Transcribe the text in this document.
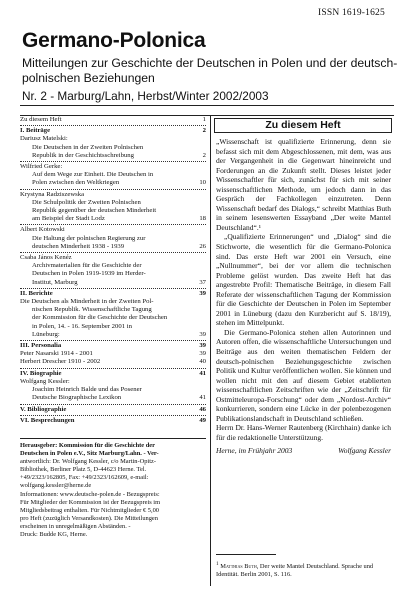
ISSN 1619-1625
Germano-Polonica
Mitteilungen zur Geschichte der Deutschen in Polen und der deutsch-polnischen Beziehungen
Nr. 2 - Marburg/Lahn, Herbst/Winter 2002/2003
Zu diesem Heft	1
I. Beiträge	2
Dariusz Matelski:
Die Deutschen in der Zweiten Polnischen
Republik in der Geschichtsschreibung	2
Wilfried Gerke:
Auf dem Wege zur Einheit. Die Deutschen in
Polen zwischen den Weltkriegen	10
Krystyna Radziszewska
Die Schulpolitik der Zweiten Polnischen
Republik gegenüber der deutschen Minderheit
am Beispiel der Stadt Lodz	18
Albert Kotowski
Die Haltung der polnischen Regierung zur
deutschen Minderheit 1938 - 1939	26
Csaba János Kenéz
Archivmaterialien für die Geschichte der
Deutschen in Polen 1919-1939 im Herder-
Institut, Marburg	37
II. Berichte	39
Die Deutschen als Minderheit in der Zweiten Pol-
nischen Republik. Wissenschaftliche Tagung
der Kommission für die Geschichte der Deutschen
in Polen, 14. - 16. September 2001 in
Lüneburg:	39
III. Personalia	39
Peter Nasarski 1914 - 2001	39
Herbert Drescher 1910 - 2002	40
IV. Biographie	41
Wolfgang Kessler:
Joachim Heinrich Balde und das Posener
Deutsche Biographische Lexikon	41
V. Bibliographie	46
VI. Besprechungen	49
Herausgeber: Kommission für die Geschichte der
Deutschen in Polen e.V., Sitz Marburg/Lahn. - Ver-
antwortlich: Dr. Wolfgang Kessler, c/o Martin-Opitz-
Bibliothek, Berliner Platz 5, D-44623 Herne. Tel.
+49/2323/162805, Fax: +49/2323/162609, e-mail:
wolfgang.kessler@herne.de
Informationen: www.deutsche-polen.de - Bezugspreis:
Für Mitglieder der Kommission ist der Bezugspreis im
Mitgliedsbeitrag enthalten. Für Nichtmitglieder € 5,00
pro Heft (zuzüglich Versandkosten). Die Mitteilungen
erscheinen in unregelmäßigen Abständen. -
Druck: Budde KG, Herne.
Zu diesem Heft

„Wissenschaft ist qualifizierte Erinnerung, denn sie befasst sich mit dem Abgeschlossenen, mit dem, was aus der Vergangenheit in die Gegenwart hineinreicht und Forderungen an die Zukunft stellt. Dieses leistet jeder Wissenschaftler für sich, zunächst für sich mit seiner wissenschaftlichen Methode, um jedoch dann in das Gespräch der Fachkollegen einzutreten. Denn Wissenschaft bedarf des Dialogs,“ schreibt Matthias Buth in seinem lesenswerten Essayband „Der weite Mantel Deutschland“.¹

„Qualifizierte Erinnerungen“ und „Dialog“ sind die Stichworte, die wesentlich für die Germano-Polonica sind. Das erste Heft war 2001 ein Versuch, eine „Nullnummer“, bei der vor allem die technischen Probleme gelöst wurden. Das zweite Heft hat das angestrebte Profil: Thematische Beiträge, in diesem Fall Referate der wissenschaftlichen Tagung der Kommission für die Geschichte der Deutschen in Polen im September 2001 in Lüneburg (dazu den Kurzbericht auf S. 18/19), stehen im Mittelpunkt.

Die Germano-Polonica stehen allen Autorinnen und Autoren offen, die wissenschaftliche Untersuchungen und Beiträge aus den weiten thematischen Feldern der deutsch-polnischen Beziehungsgeschichte zwischen Politik und Kultur veröffentlichen wollen. Sie können und wollen nicht mit den auf diesem Gebiet etablierten wissenschaftlichen Zeitschriften wie der „Zeitschrift für Ostmitteleuropa-Forschung“ oder dem „Nordost-Archiv“ konkurrieren, sondern eine Lücke in der polenbezogenen Publikationslandschaft in Deutschland schließen.

Herrn Dr. Hans-Werner Rautenberg (Kirchhain) danke ich für die redaktionelle Unterstützung.

Herne, im Frühjahr 2003	Wolfgang Kessler
$^1$ Matthias Buth, Der weite Mantel Deutschland. Sprache und Identität. Berlin 2001, S. 116.
